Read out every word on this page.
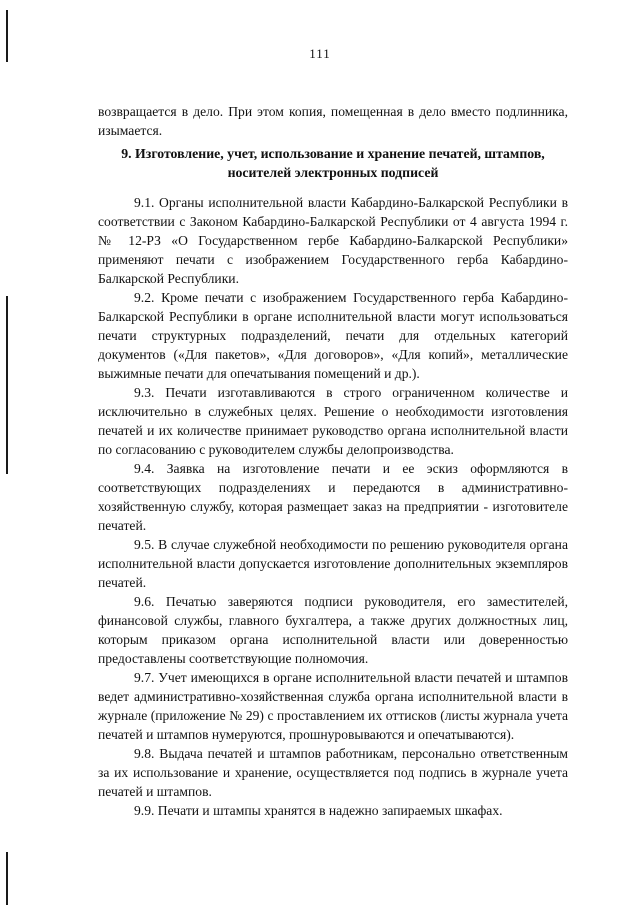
111

возвращается в дело. При этом копия, помещенная в дело вместо подлинника, изымается.

9. Изготовление, учет, использование и хранение печатей, штампов, носителей электронных подписей

9.1. Органы исполнительной власти Кабардино-Балкарской Республики в соответствии с Законом Кабардино-Балкарской Республики от 4 августа 1994 г. № 12-РЗ «О Государственном гербе Кабардино-Балкарской Республики» применяют печати с изображением Государственного герба Кабардино-Балкарской Республики.

9.2. Кроме печати с изображением Государственного герба Кабардино-Балкарской Республики в органе исполнительной власти могут использоваться печати структурных подразделений, печати для отдельных категорий документов («Для пакетов», «Для договоров», «Для копий», металлические выжимные печати для опечатывания помещений и др.).

9.3. Печати изготавливаются в строго ограниченном количестве и исключительно в служебных целях. Решение о необходимости изготовления печатей и их количестве принимает руководство органа исполнительной власти по согласованию с руководителем службы делопроизводства.

9.4. Заявка на изготовление печати и ее эскиз оформляются в соответствующих подразделениях и передаются в административно-хозяйственную службу, которая размещает заказ на предприятии - изготовителе печатей.

9.5. В случае служебной необходимости по решению руководителя органа исполнительной власти допускается изготовление дополнительных экземпляров печатей.

9.6. Печатью заверяются подписи руководителя, его заместителей, финансовой службы, главного бухгалтера, а также других должностных лиц, которым приказом органа исполнительной власти или доверенностью предоставлены соответствующие полномочия.

9.7. Учет имеющихся в органе исполнительной власти печатей и штампов ведет административно-хозяйственная служба органа исполнительной власти в журнале (приложение № 29) с проставлением их оттисков (листы журнала учета печатей и штампов нумеруются, прошнуровываются и опечатываются).

9.8. Выдача печатей и штампов работникам, персонально ответственным за их использование и хранение, осуществляется под подпись в журнале учета печатей и штампов.

9.9. Печати и штампы хранятся в надежно запираемых шкафах.
